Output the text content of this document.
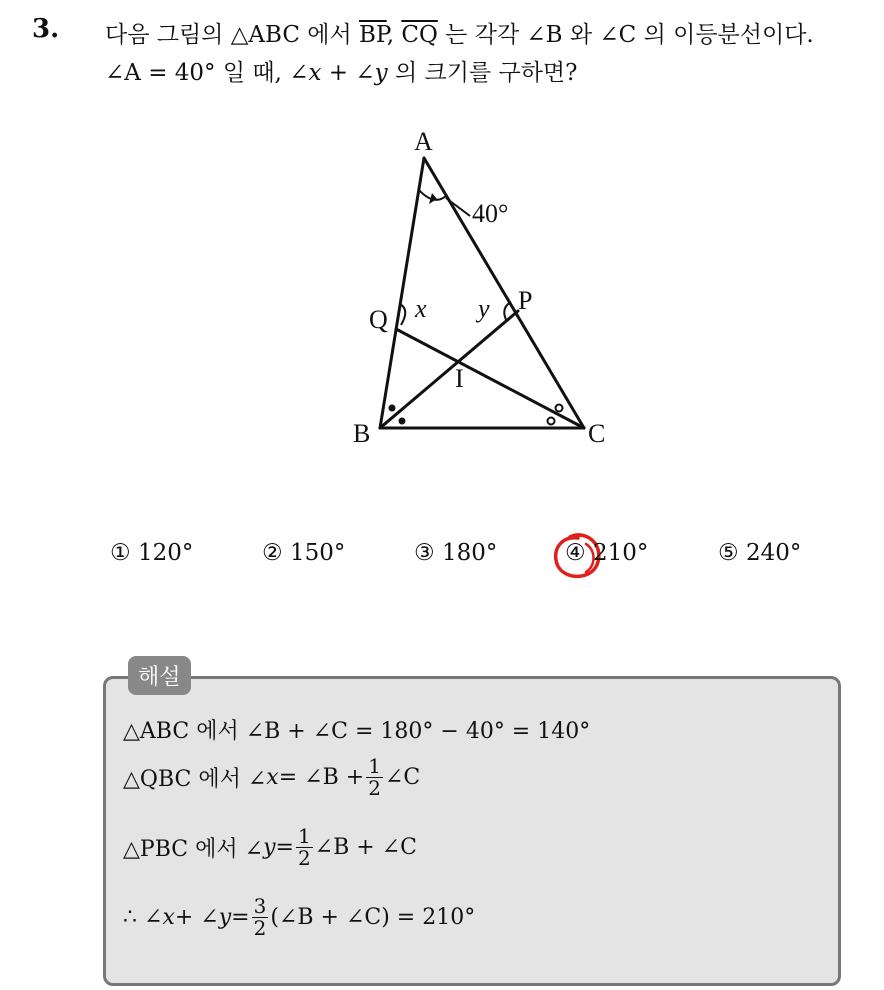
3. 다음 그림의 △ABC 에서 $\overline{BP}$, $\overline{CQ}$ 는 각각 ∠B 와 ∠C 의 이등분선이다.
∠A = 40° 일 때, ∠x + ∠y 의 크기를 구하면?
A
B	C
P
Q
I
40°
x y
① 120°	② 150°	③ 180°	④ 210°	⑤ 240°
해설
△ABC 에서 ∠B + ∠C = 180° − 40° = 140°
△QBC 에서 ∠ x = ∠B + $\frac{1}{2}$ ∠C
△PBC 에서 ∠ $y = \frac{1}{2}$ ∠B + ∠C
∴ ∠ x + ∠ $y = \frac{3}{2}$ (∠B + ∠C) = 210°
